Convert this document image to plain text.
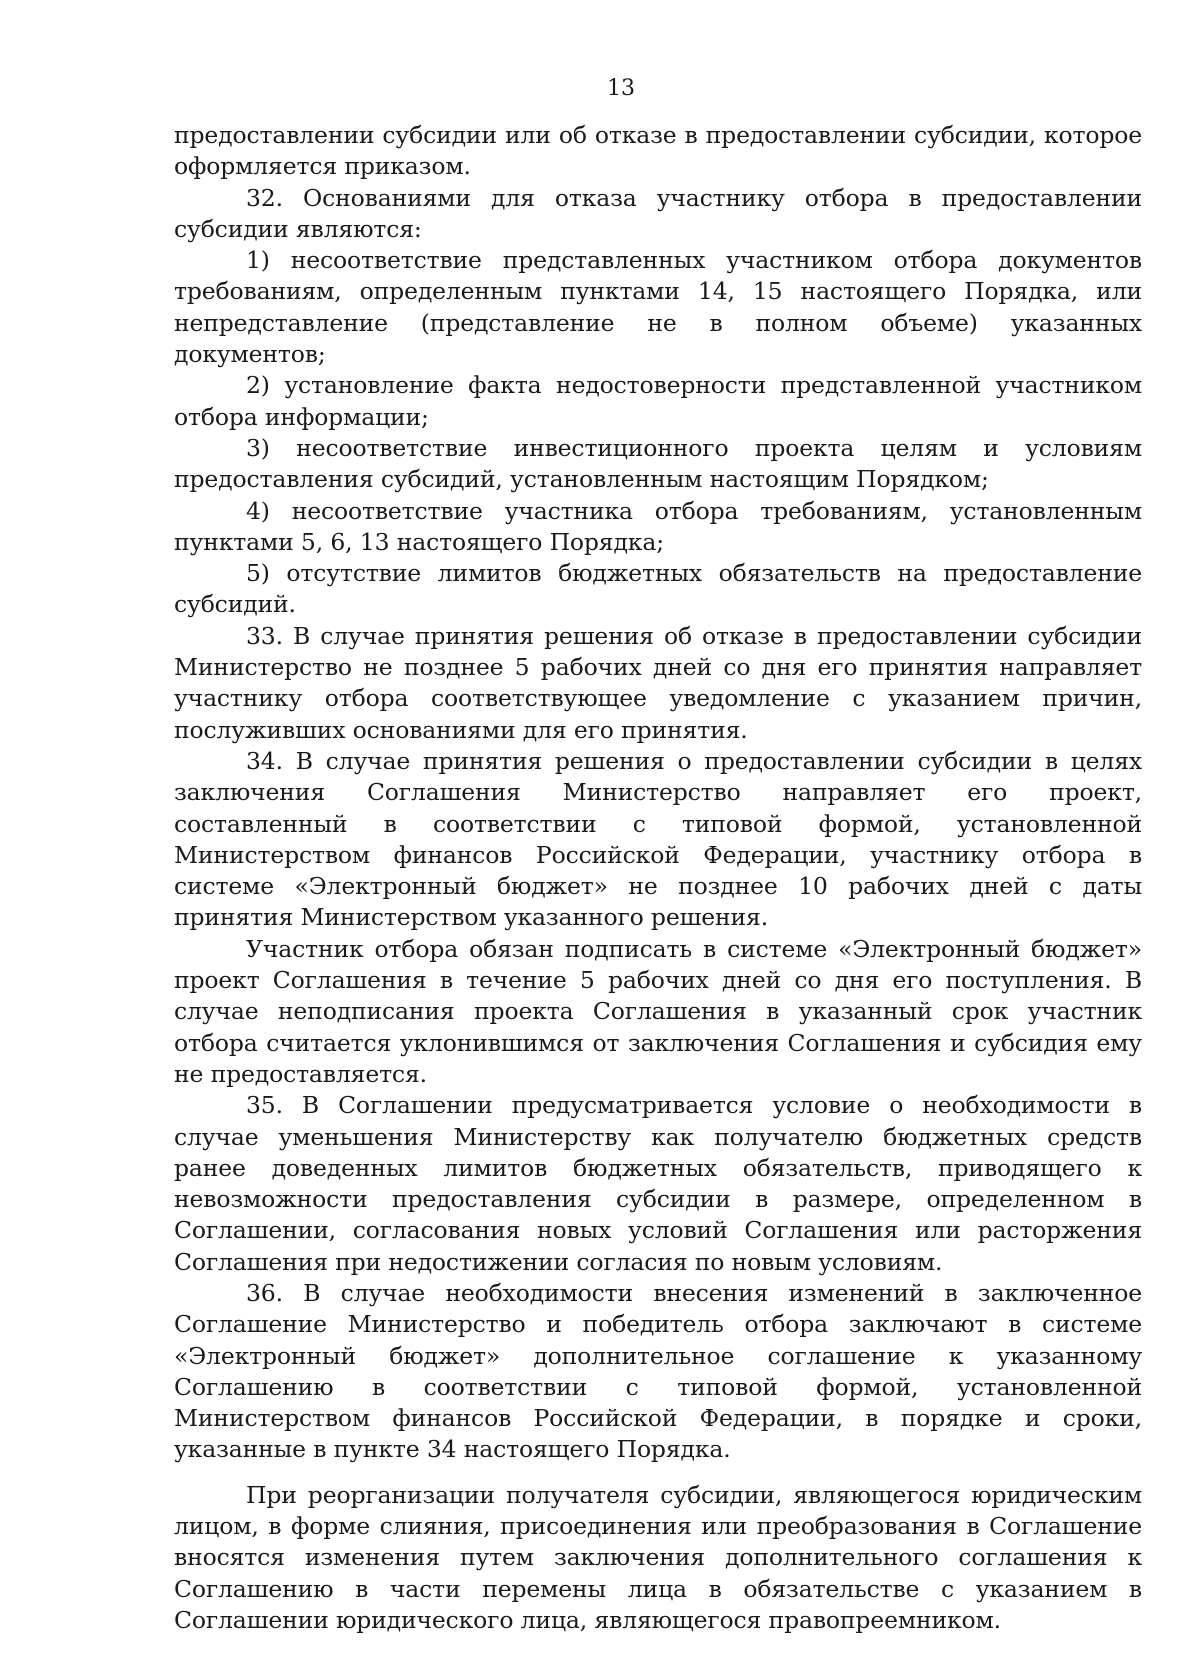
13

предоставлении субсидии или об отказе в предоставлении субсидии, которое оформляется приказом.

32. Основаниями для отказа участнику отбора в предоставлении субсидии являются:

1) несоответствие представленных участником отбора документов требованиям, определенным пунктами 14, 15 настоящего Порядка, или непредставление (представление не в полном объеме) указанных документов;

2) установление факта недостоверности представленной участником отбора информации;

3) несоответствие инвестиционного проекта целям и условиям предоставления субсидий, установленным настоящим Порядком;

4) несоответствие участника отбора требованиям, установленным пунктами 5, 6, 13 настоящего Порядка;

5) отсутствие лимитов бюджетных обязательств на предоставление субсидий.

33. В случае принятия решения об отказе в предоставлении субсидии Министерство не позднее 5 рабочих дней со дня его принятия направляет участнику отбора соответствующее уведомление с указанием причин, послуживших основаниями для его принятия.

34. В случае принятия решения о предоставлении субсидии в целях заключения Соглашения Министерство направляет его проект, составленный в соответствии с типовой формой, установленной Министерством финансов Российской Федерации, участнику отбора в системе «Электронный бюджет» не позднее 10 рабочих дней с даты принятия Министерством указанного решения.

Участник отбора обязан подписать в системе «Электронный бюджет» проект Соглашения в течение 5 рабочих дней со дня его поступления. В случае неподписания проекта Соглашения в указанный срок участник отбора считается уклонившимся от заключения Соглашения и субсидия ему не предоставляется.

35. В Соглашении предусматривается условие о необходимости в случае уменьшения Министерству как получателю бюджетных средств ранее доведенных лимитов бюджетных обязательств, приводящего к невозможности предоставления субсидии в размере, определенном в Соглашении, согласования новых условий Соглашения или расторжения Соглашения при недостижении согласия по новым условиям.

36. В случае необходимости внесения изменений в заключенное Соглашение Министерство и победитель отбора заключают в системе «Электронный бюджет» дополнительное соглашение к указанному Соглашению в соответствии с типовой формой, установленной Министерством финансов Российской Федерации, в порядке и сроки, указанные в пункте 34 настоящего Порядка.

При реорганизации получателя субсидии, являющегося юридическим лицом, в форме слияния, присоединения или преобразования в Соглашение вносятся изменения путем заключения дополнительного соглашения к Соглашению в части перемены лица в обязательстве с указанием в Соглашении юридического лица, являющегося правопреемником.
